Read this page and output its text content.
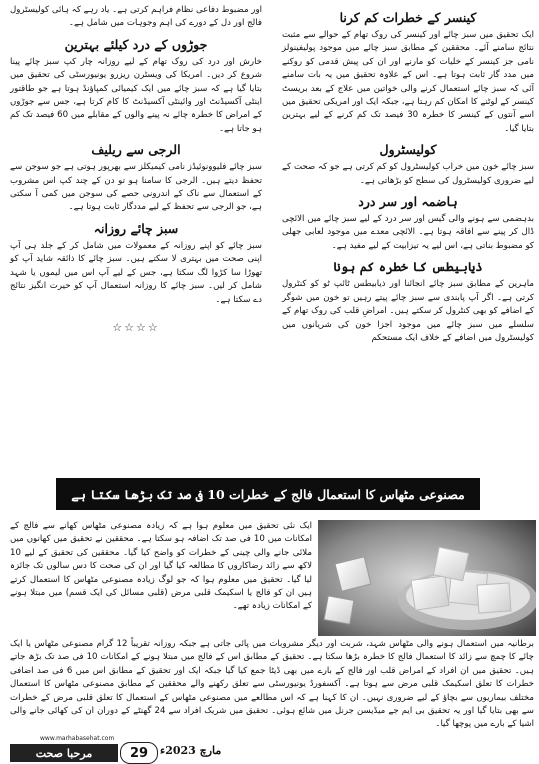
کینسر کے خطرات کم کرنا

ایک تحقیق میں سبز چائے اور کینسر کی روک تھام کے حوالے سے مثبت نتائج سامنے آئے۔ محققین کے مطابق سبز چائے میں موجود پولیفینولز نامی جز کینسر کے خلیات کو مارنے اور ان کی پیش قدمی کو روکنے میں مدد گار ثابت ہوتا ہے۔ اس کے علاوہ تحقیق میں یہ بات سامنے آئی کہ سبز چائے استعمال کرنے والی خواتین میں علاج کے بعد بریسٹ کینسر کے لوٹنے کا امکان کم رہتا ہے، جبکہ ایک اور امریکی تحقیق میں اسے آنتوں کے کینسر کا خطرہ 30 فیصد تک کم کرنے کے لیے بہترین بتایا گیا۔

کولیسٹرول

سبز چائے خون میں خراب کولیسٹرول کو کم کرتی ہے جو کہ صحت کے لیے ضروری کولیسٹرول کی سطح کو بڑھاتی ہے۔

ہاضمہ اور سر درد

بدہضمی سے ہونے والی گیس اور سر درد کے لیے سبز چائے میں الائچی ڈال کر پینے سے افاقہ ہوتا ہے۔ الائچی معدے میں موجود لعابی جھلی کو مضبوط بناتی ہے، اس لیے یہ تیزابیت کے لیے مفید ہے۔

ذیابیطس کا خطرہ کم ہونا

ماہرین کے مطابق سبز چائے انجائنا اور ذیابیطس ٹائپ ٹو کو کنٹرول کرتی ہے۔ اگر آپ پابندی سے سبز چائے پیتے رہیں تو خون میں شوگر کے اضافے کو بھی کنٹرول کر سکتے ہیں۔ امراضِ قلب کی روک تھام کے سلسلے میں سبز چائے میں موجود اجزا خون کی شریانوں میں کولیسٹرول میں اضافے کے خلاف ایک مستحکم

اور مضبوط دفاعی نظام فراہم کرتی ہے۔ یاد رہے کہ ہائی کولیسٹرول فالج اور دل کے دورے کی اہم وجوہات میں شامل ہے۔

جوڑوں کے درد کیلئے بہترین

خارش اور درد کی روک تھام کے لیے روزانہ چار کپ سبز چائے پینا شروع کر دیں۔ امریکا کی ویسٹرن ریزرو یونیورسٹی کی تحقیق میں بتایا گیا ہے کہ سبز چائے میں ایک کیمیائی کمپاؤنڈ ہوتا ہے جو طاقتور اینٹی آکسیڈنٹ اور وائینٹی آکسیڈنٹ کا کام کرتا ہے، جس سے جوڑوں کے امراض کا خطرہ چائے نہ پینے والوں کے مقابلے میں 60 فیصد تک کم ہو جاتا ہے۔

الرجی سے ریلیف

سبز چائے فلیوونوئیڈز نامی کیمیکلز سے بھرپور ہوتی ہے جو سوجن سے تحفظ دیتے ہیں۔ الرجی کا سامنا ہو تو دن کے چند کپ اس مشروب کے استعمال سے ناک کے اندرونی حصے کی سوجن میں کمی آ سکتی ہے، جو الرجی سے تحفظ کے لیے مددگار ثابت ہوتا ہے۔

سبز چائے روزانہ

سبز چائے کو اپنے روزانہ کے معمولات میں شامل کر کے جلد ہی آپ اپنی صحت میں بہتری لا سکتے ہیں۔ سبز چائے کا ذائقہ شاید آپ کو تھوڑا سا کڑوا لگ سکتا ہے، جس کے لیے آپ اس میں لیموں یا شہد شامل کر لیں۔ سبز چائے کا روزانہ استعمال آپ کو حیرت انگیز نتائج دے سکتا ہے۔

☆☆☆☆
مصنوعی مٹھاس کا استعمال فالج کے خطرات 10 فی صد تک بڑھا سکتا ہے

ایک نئی تحقیق میں معلوم ہوا ہے کہ زیادہ مصنوعی مٹھاس کھانے سے فالج کے امکانات میں 10 فی صد تک اضافہ ہو سکتا ہے۔ محققین نے تحقیق میں کھانوں میں ملائی جانے والی چینی کے خطرات کو واضح کیا گیا۔ محققین کی تحقیق کے لیے 10 لاکھ سے زائد رضاکاروں کا مطالعہ کیا گیا اور ان کی صحت کا دس سالوں تک جائزہ لیا گیا۔ تحقیق میں معلوم ہوا کہ جو لوگ زیادہ مصنوعی مٹھاس کا استعمال کرتے ہیں ان کو فالج یا اسکیمک قلبی مرض (قلبی مسائل کی ایک قسم) میں مبتلا ہونے کے امکانات زیادہ تھے۔

برطانیہ میں استعمال ہونے والی مٹھاس شہد، شربت اور دیگر مشروبات میں پائی جاتی ہے جبکہ روزانہ تقریباً 12 گرام مصنوعی مٹھاس یا ایک چائے کا چمچ سے زائد کا استعمال فالج کا خطرہ بڑھا سکتا ہے۔ تحقیق کے مطابق اس کے فالج میں مبتلا ہونے کے امکانات 10 فی صد تک بڑھ جاتے ہیں۔ تحقیق میں ان افراد کے امراض قلب اور فالج کے بارے میں بھی ڈیٹا جمع کیا گیا جبکہ ایک اور تحقیق کے مطابق اس میں 6 فی صد اضافی خطرات کا تعلق اسکیمک قلبی مرض سے ہوتا ہے۔ آکسفورڈ یونیورسٹی سے تعلق رکھنے والے محققین کے مطابق مصنوعی مٹھاس کا استعمال مختلف بیماریوں سے بچاؤ کے لیے ضروری نہیں۔ ان کا کہنا ہے کہ اس مطالعے میں مصنوعی مٹھاس کے استعمال کا تعلق قلبی مرض کے خطرات سے بھی بتایا گیا اور یہ تحقیق بی ایم جے میڈیسن جرنل میں شائع ہوئی۔ تحقیق میں شریک افراد سے 24 گھنٹے کے دوران ان کی کھائی جانے والی اشیا کے بارے میں پوچھا گیا۔

www.marhabasehat.com
مرحبا صحت	29	مارچ 2023ء
